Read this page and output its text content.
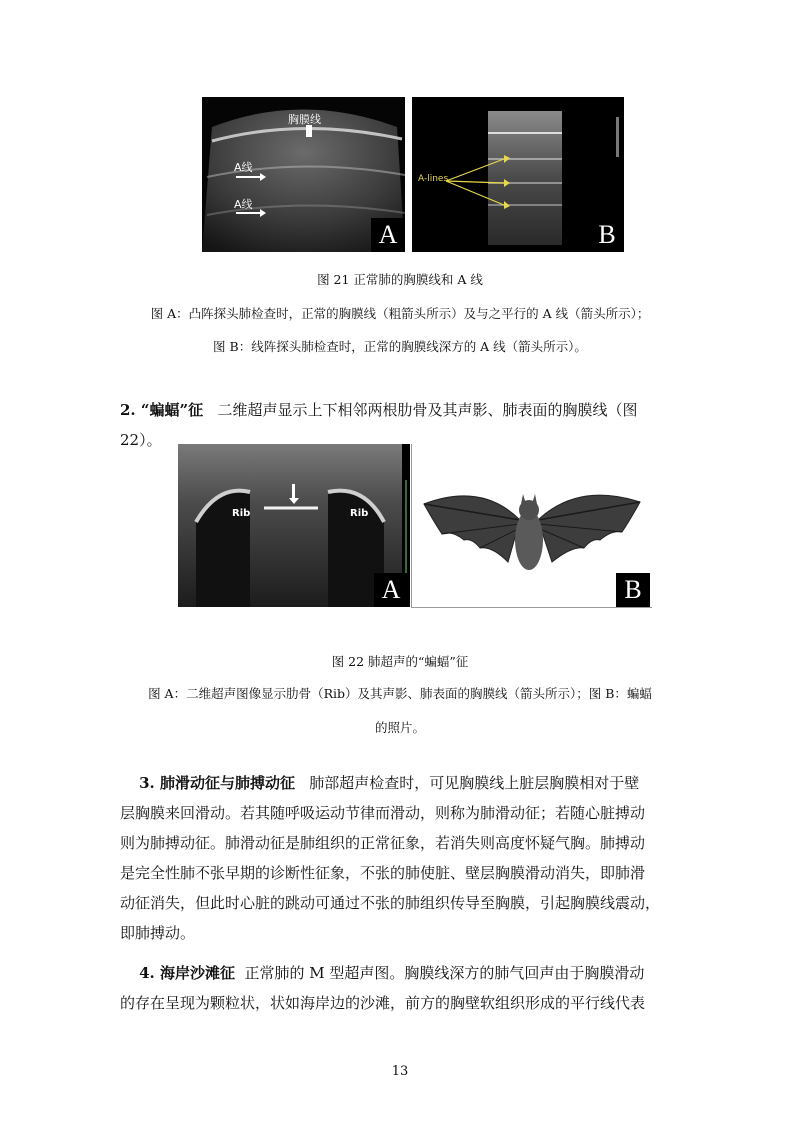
胸膜线
A线
A线
A
A-lines
B
图 21 正常肺的胸膜线和 A 线
图 A：凸阵探头肺检查时，正常的胸膜线（粗箭头所示）及与之平行的 A 线（箭头所示）；
图 B：线阵探头肺检查时，正常的胸膜线深方的 A 线（箭头所示）。
2. “蝙蝠”征 二维超声显示上下相邻两根肋骨及其声影、肺表面的胸膜线（图
22）。
Rib	Rib
A	B
图 22 肺超声的“蝙蝠”征
图 A：二维超声图像显示肋骨（Rib）及其声影、肺表面的胸膜线（箭头所示）；图 B：蝙蝠
的照片。
3. 肺滑动征与肺搏动征 肺部超声检查时，可见胸膜线上脏层胸膜相对于壁
层胸膜来回滑动。若其随呼吸运动节律而滑动，则称为肺滑动征；若随心脏搏动
则为肺搏动征。肺滑动征是肺组织的正常征象，若消失则高度怀疑气胸。肺搏动
是完全性肺不张早期的诊断性征象，不张的肺使脏、壁层胸膜滑动消失，即肺滑
动征消失，但此时心脏的跳动可通过不张的肺组织传导至胸膜，引起胸膜线震动，
即肺搏动。
4. 海岸沙滩征 正常肺的 M 型超声图。胸膜线深方的肺气回声由于胸膜滑动
的存在呈现为颗粒状，状如海岸边的沙滩，前方的胸壁软组织形成的平行线代表
13
